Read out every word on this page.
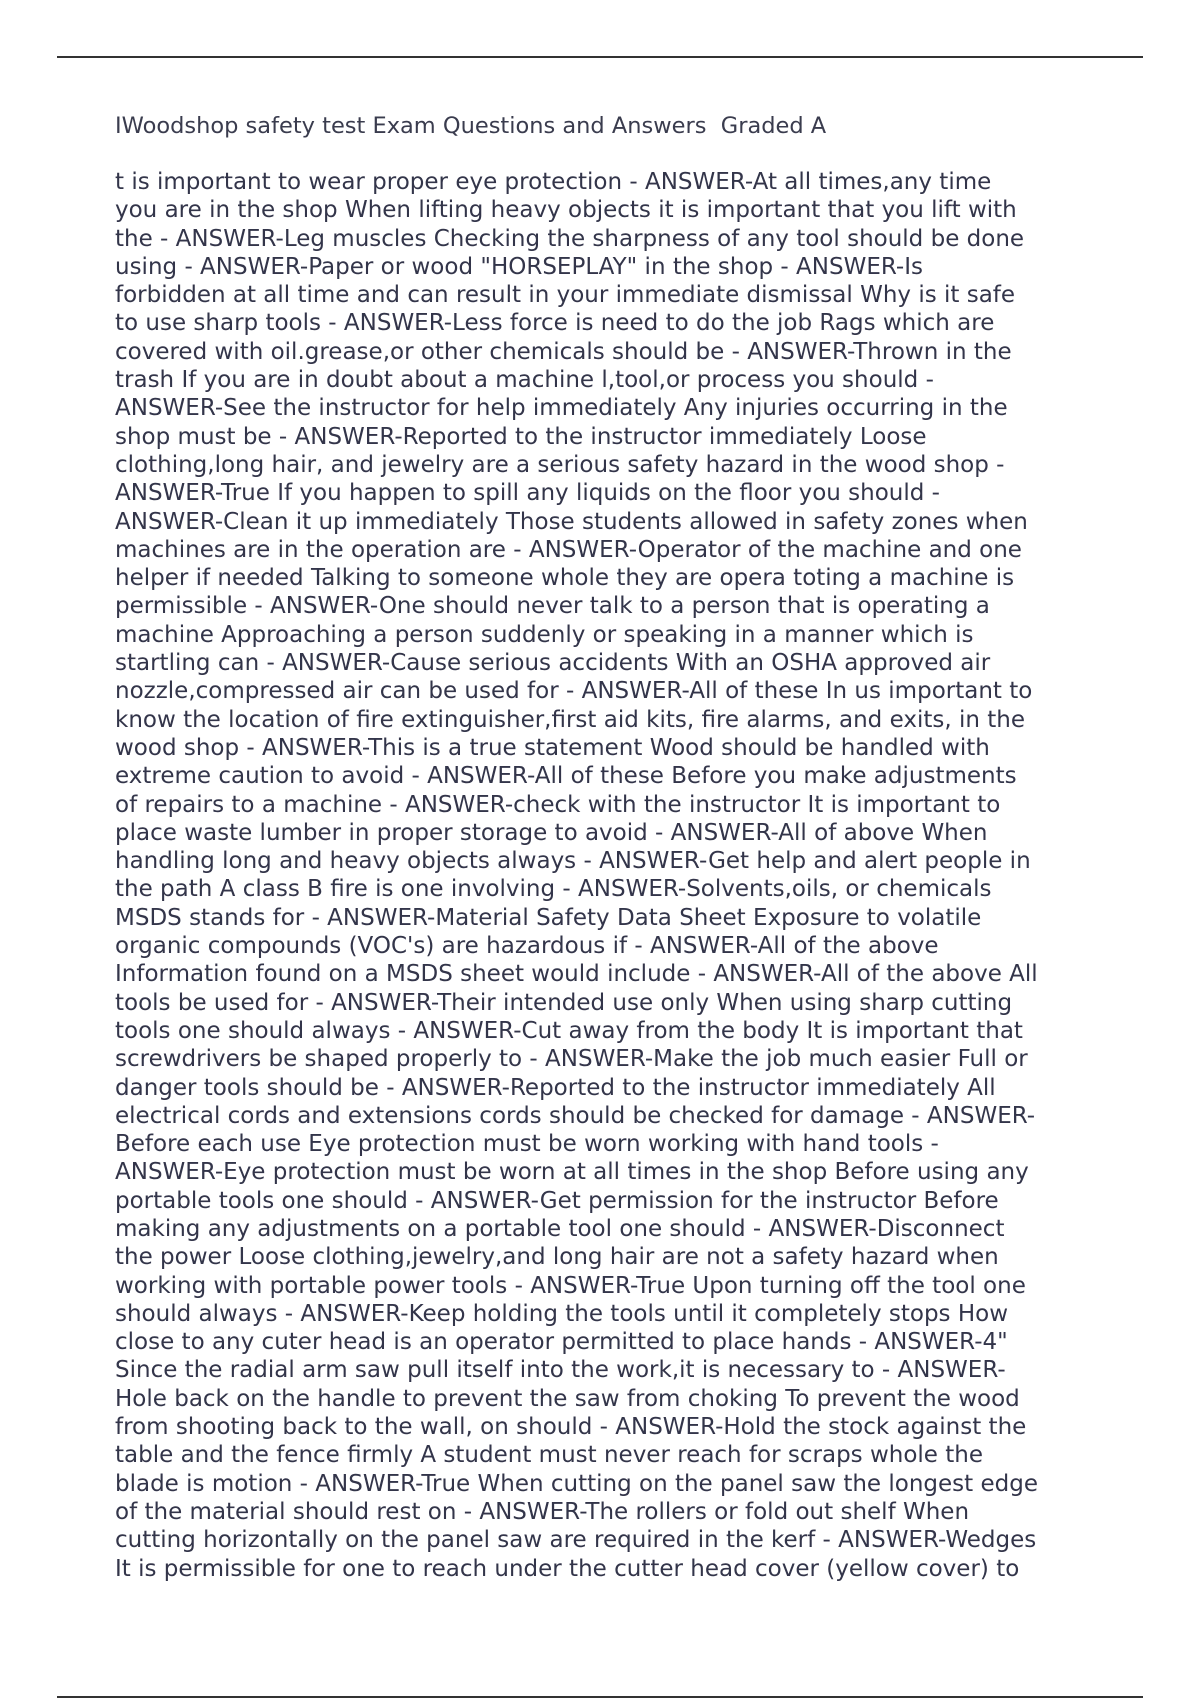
IWoodshop safety test Exam Questions and Answers  Graded A
t is important to wear proper eye protection - ANSWER-At all times,any time
you are in the shop When lifting heavy objects it is important that you lift with
the - ANSWER-Leg muscles Checking the sharpness of any tool should be done
using - ANSWER-Paper or wood "HORSEPLAY" in the shop - ANSWER-Is
forbidden at all time and can result in your immediate dismissal Why is it safe
to use sharp tools - ANSWER-Less force is need to do the job Rags which are
covered with oil.grease,or other chemicals should be - ANSWER-Thrown in the
trash If you are in doubt about a machine l,tool,or process you should -
ANSWER-See the instructor for help immediately Any injuries occurring in the
shop must be - ANSWER-Reported to the instructor immediately Loose
clothing,long hair, and jewelry are a serious safety hazard in the wood shop -
ANSWER-True If you happen to spill any liquids on the floor you should -
ANSWER-Clean it up immediately Those students allowed in safety zones when
machines are in the operation are - ANSWER-Operator of the machine and one
helper if needed Talking to someone whole they are opera toting a machine is
permissible - ANSWER-One should never talk to a person that is operating a
machine Approaching a person suddenly or speaking in a manner which is
startling can - ANSWER-Cause serious accidents With an OSHA approved air
nozzle,compressed air can be used for - ANSWER-All of these In us important to
know the location of fire extinguisher,first aid kits, fire alarms, and exits, in the
wood shop - ANSWER-This is a true statement Wood should be handled with
extreme caution to avoid - ANSWER-All of these Before you make adjustments
of repairs to a machine - ANSWER-check with the instructor It is important to
place waste lumber in proper storage to avoid - ANSWER-All of above When
handling long and heavy objects always - ANSWER-Get help and alert people in
the path A class B fire is one involving - ANSWER-Solvents,oils, or chemicals
MSDS stands for - ANSWER-Material Safety Data Sheet Exposure to volatile
organic compounds (VOC's) are hazardous if - ANSWER-All of the above
Information found on a MSDS sheet would include - ANSWER-All of the above All
tools be used for - ANSWER-Their intended use only When using sharp cutting
tools one should always - ANSWER-Cut away from the body It is important that
screwdrivers be shaped properly to - ANSWER-Make the job much easier Full or
danger tools should be - ANSWER-Reported to the instructor immediately All
electrical cords and extensions cords should be checked for damage - ANSWER-
Before each use Eye protection must be worn working with hand tools -
ANSWER-Eye protection must be worn at all times in the shop Before using any
portable tools one should - ANSWER-Get permission for the instructor Before
making any adjustments on a portable tool one should - ANSWER-Disconnect
the power Loose clothing,jewelry,and long hair are not a safety hazard when
working with portable power tools - ANSWER-True Upon turning off the tool one
should always - ANSWER-Keep holding the tools until it completely stops How
close to any cuter head is an operator permitted to place hands - ANSWER-4"
Since the radial arm saw pull itself into the work,it is necessary to - ANSWER-
Hole back on the handle to prevent the saw from choking To prevent the wood
from shooting back to the wall, on should - ANSWER-Hold the stock against the
table and the fence firmly A student must never reach for scraps whole the
blade is motion - ANSWER-True When cutting on the panel saw the longest edge
of the material should rest on - ANSWER-The rollers or fold out shelf When
cutting horizontally on the panel saw are required in the kerf - ANSWER-Wedges
It is permissible for one to reach under the cutter head cover (yellow cover) to
